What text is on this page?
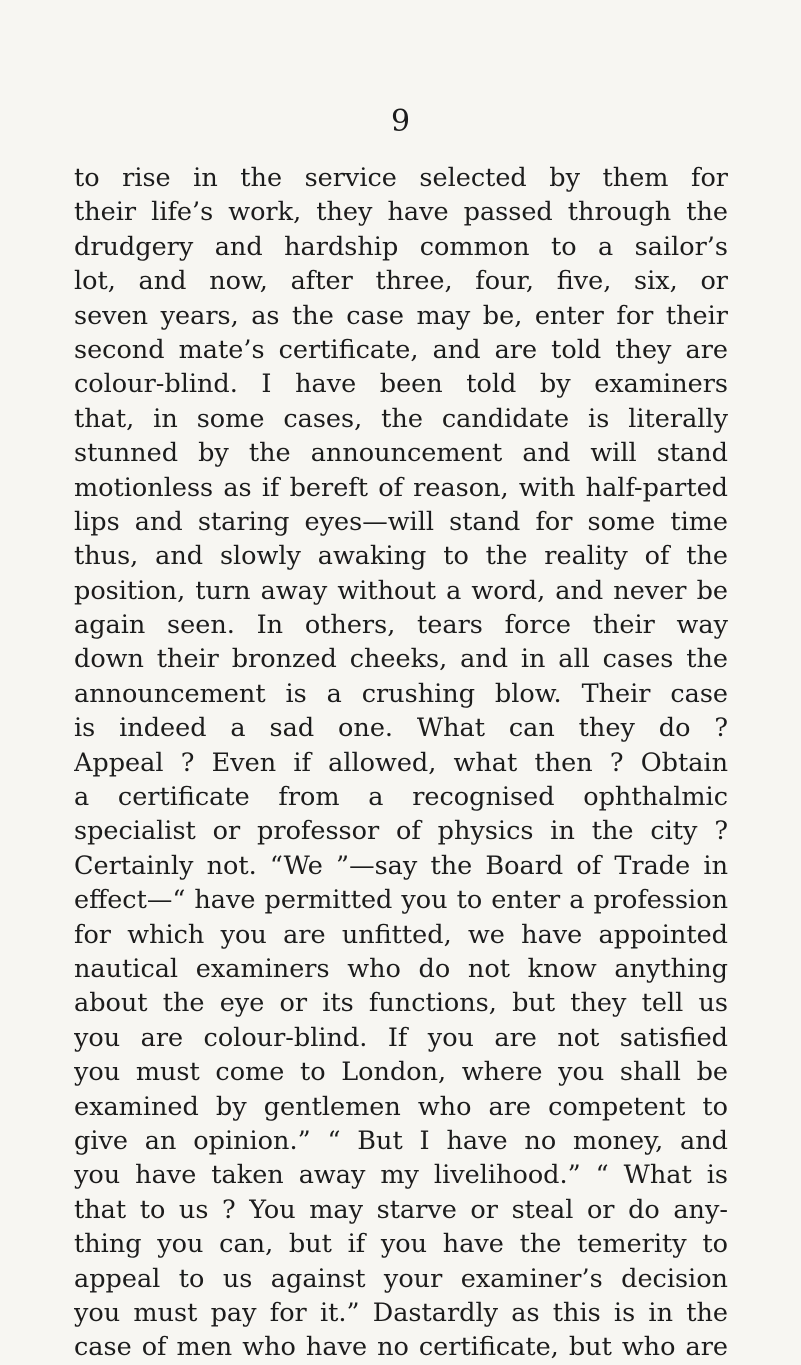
9
to rise in the service selected by them for
their life’s work, they have passed through the
drudgery and hardship common to a sailor’s
lot, and now, after three, four, five, six, or
seven years, as the case may be, enter for their
second mate’s certificate, and are told they are
colour-blind. I have been told by examiners
that, in some cases, the candidate is literally
stunned by the announcement and will stand
motionless as if bereft of reason, with half-parted
lips and staring eyes—will stand for some time
thus, and slowly awaking to the reality of the
position, turn away without a word, and never be
again seen. In others, tears force their way
down their bronzed cheeks, and in all cases the
announcement is a crushing blow. Their case
is indeed a sad one. What can they do ?
Appeal ? Even if allowed, what then ? Obtain
a certificate from a recognised ophthalmic
specialist or professor of physics in the city ?
Certainly not. “We ”—say the Board of Trade in
effect—“ have permitted you to enter a profession
for which you are unfitted, we have appointed
nautical examiners who do not know anything
about the eye or its functions, but they tell us
you are colour-blind. If you are not satisfied
you must come to London, where you shall be
examined by gentlemen who are competent to
give an opinion.” “ But I have no money, and
you have taken away my livelihood.” “ What is
that to us ? You may starve or steal or do any-
thing you can, but if you have the temerity to
appeal to us against your examiner’s decision
you must pay for it.” Dastardly as this is in the
case of men who have no certificate, but who are
